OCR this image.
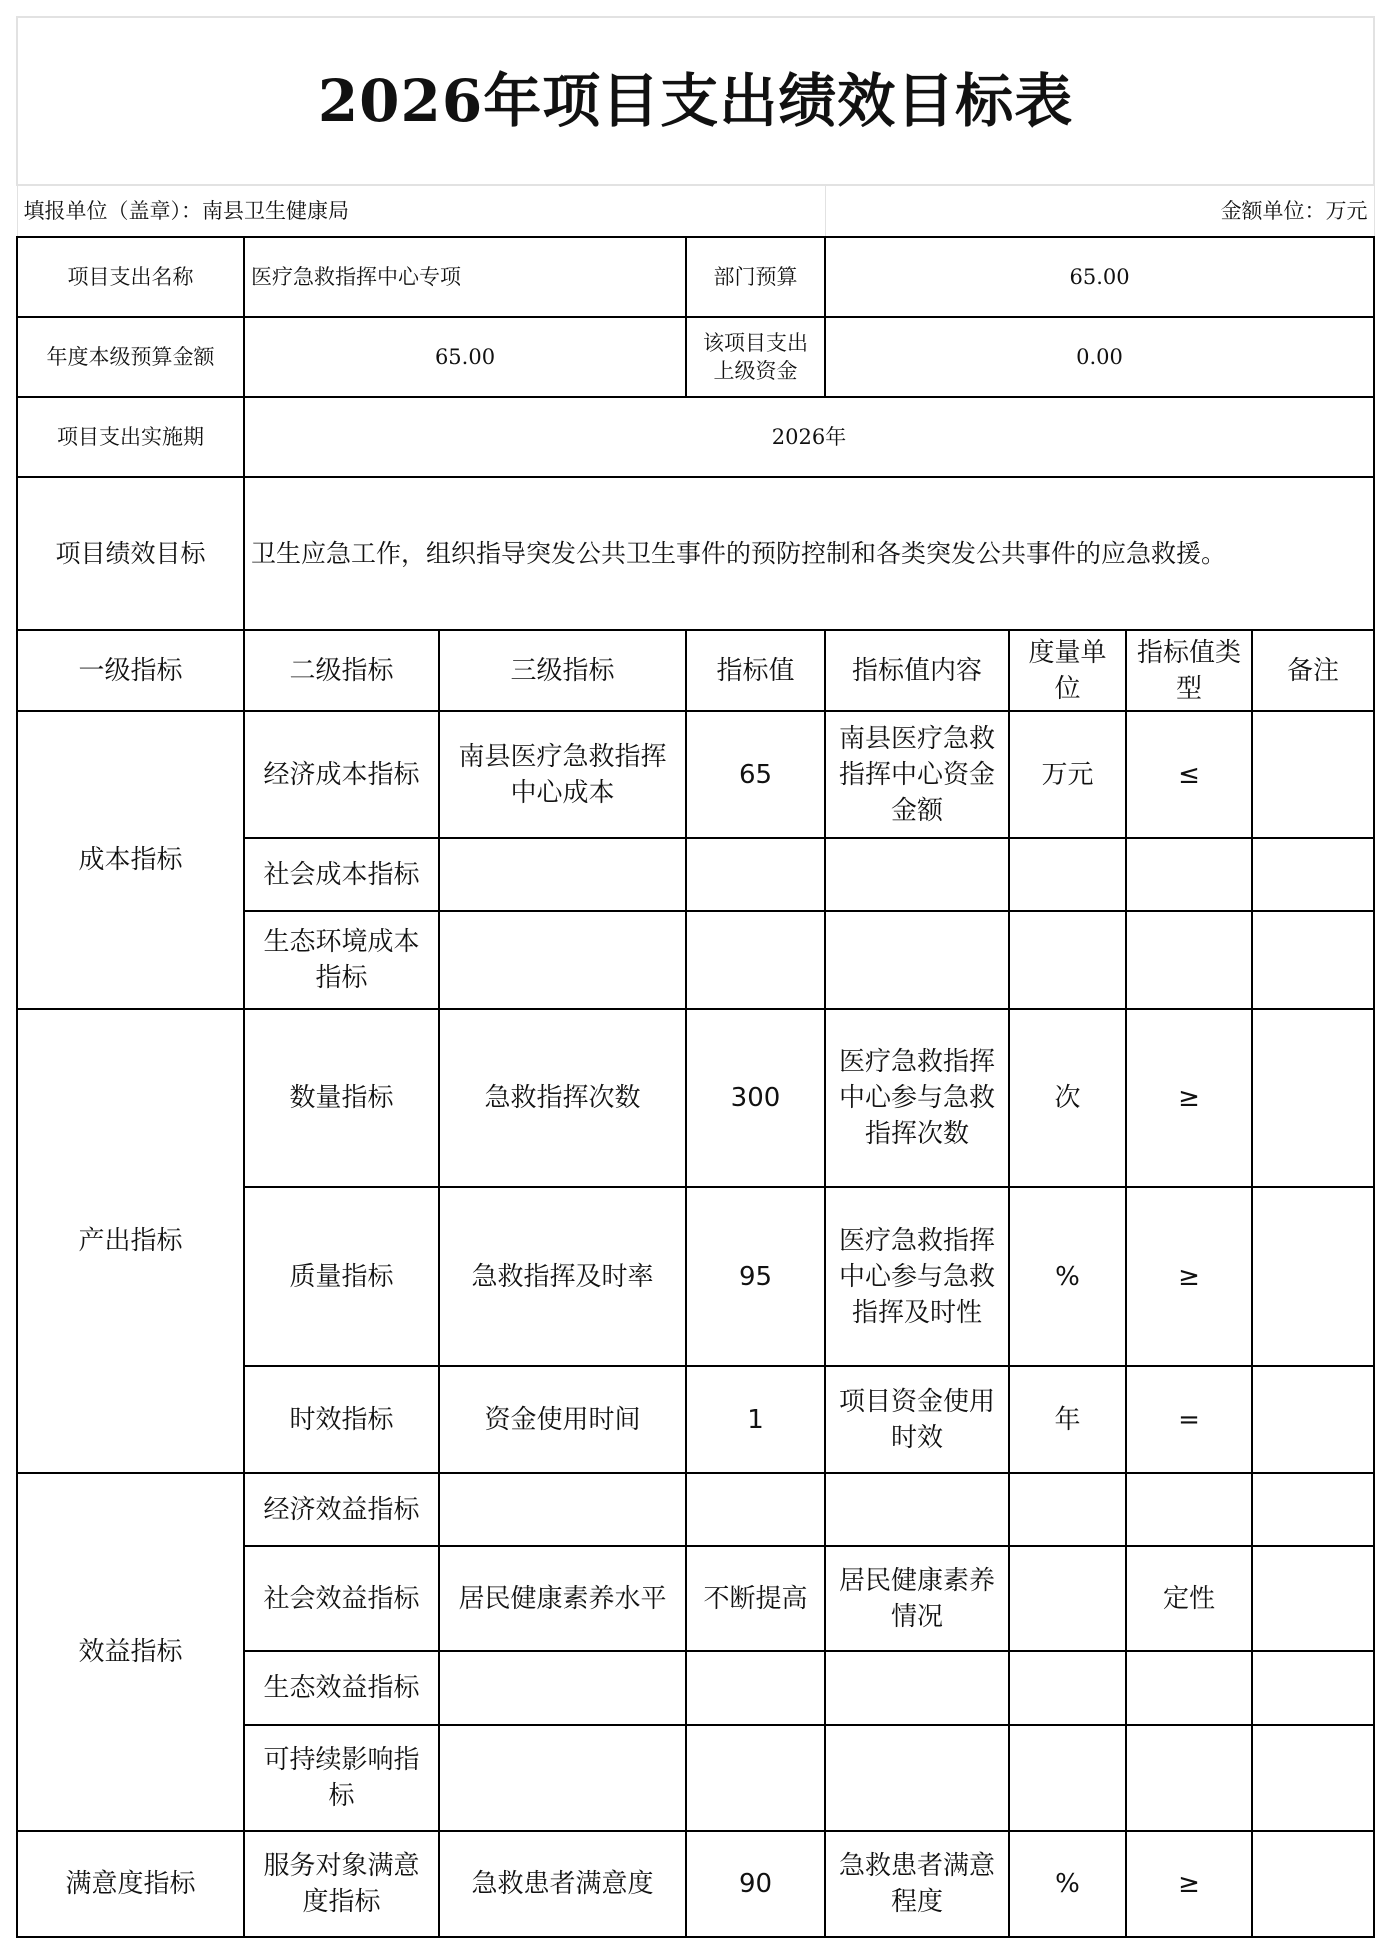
2026年项目支出绩效目标表							
填报单位（盖章）：南县卫生健康局				金额单位：万元			
项目支出名称	医疗急救指挥中心专项		部门预算	65.00			
年度本级预算金额	65.00		该项目支出上级资金	0.00			
项目支出实施期	2026年						
项目绩效目标	卫生应急工作，组织指导突发公共卫生事件的预防控制和各类突发公共事件的应急救援。						
一级指标	二级指标	三级指标	指标值	指标值内容	度量单位	指标值类型	备注
成本指标	经济成本指标	南县医疗急救指挥中心成本	65	南县医疗急救指挥中心资金金额	万元	≤	
	社会成本指标						
	生态环境成本指标						
产出指标	数量指标	急救指挥次数	300	医疗急救指挥中心参与急救指挥次数	次	≥	
	质量指标	急救指挥及时率	95	医疗急救指挥中心参与急救指挥及时性	%	≥	
	时效指标	资金使用时间	1	项目资金使用时效	年	=	
效益指标	经济效益指标						
	社会效益指标	居民健康素养水平	不断提高	居民健康素养情况		定性	
	生态效益指标						
	可持续影响指标						
满意度指标	服务对象满意度指标	急救患者满意度	90	急救患者满意程度	%	≥	
